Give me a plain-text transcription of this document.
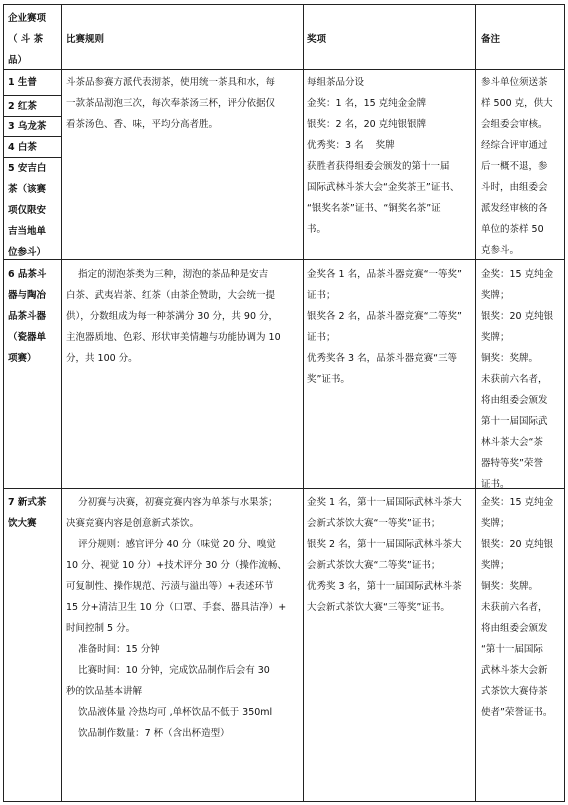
企业赛项
（ 斗 茶
品）
比赛规则	奖项	备注
1 生普
2 红茶
3 乌龙茶
4 白茶
5 安吉白
茶（该赛
项仅限安
吉当地单
位参斗）
斗茶品参赛方派代表沏茶，使用统一茶具和水，每
一款茶品沏泡三次，每次奉茶汤三杯，评分依据仅
看茶汤色、香、味，平均分高者胜。
每组茶品分设
金奖：1 名，15 克纯金金牌
银奖：2 名，20 克纯银银牌
优秀奖：3 名    奖牌
获胜者获得组委会颁发的第十一届
国际武林斗茶大会“金奖茶王”证书、
“银奖名茶”证书、“铜奖名茶”证
书。
参斗单位须送茶
样 500 克，供大
会组委会审核。
经综合评审通过
后一概不退，参
斗时，由组委会
派发经审核的各
单位的茶样 50
克参斗。
6 品茶斗
器与陶冶
品茶斗器
（瓷器单
项赛）
指定的沏泡茶类为三种，沏泡的茶品种是安吉
白茶、武夷岩茶、红茶（由茶企赞助，大会统一提
供），分数组成为每一种茶满分 30 分，共 90 分，
主泡器质地、色彩、形状审美情趣与功能协调为 10
分，共 100 分。
金奖各 1 名，品茶斗器竞赛“一等奖”
证书；
银奖各 2 名，品茶斗器竞赛“二等奖”
证书；
优秀奖各 3 名，品茶斗器竞赛“三等
奖”证书。
金奖：15 克纯金
奖牌；
银奖：20 克纯银
奖牌；
铜奖：奖牌。
未获前六名者，
将由组委会颁发
第十一届国际武
林斗茶大会“茶
器特等奖”荣誉
证书。
7 新式茶
饮大赛
分初赛与决赛，初赛竞赛内容为单茶与水果茶；
决赛竞赛内容是创意新式茶饮。
评分规则：感官评分 40 分（味觉 20 分、嗅觉
10 分、视觉 10 分）+技术评分 30 分（操作流畅、
可复制性、操作规范、污渍与溢出等）+表述环节
15 分+清洁卫生 10 分（口罩、手套、器具洁净）+
时间控制 5 分。
准备时间：15 分钟
比赛时间：10 分钟，完成饮品制作后会有 30
秒的饮品基本讲解
饮品液体量 冷热均可 ,单杯饮品不低于 350ml
饮品制作数量：7 杯（含出杯造型）
金奖 1 名，第十一届国际武林斗茶大
会新式茶饮大赛“一等奖”证书；
银奖 2 名，第十一届国际武林斗茶大
会新式茶饮大赛“二等奖”证书；
优秀奖 3 名，第十一届国际武林斗茶
大会新式茶饮大赛“三等奖”证书。
金奖：15 克纯金
奖牌；
银奖：20 克纯银
奖牌；
铜奖：奖牌。
未获前六名者，
将由组委会颁发
“第十一届国际
武林斗茶大会新
式茶饮大赛侍茶
使者”荣誉证书。
